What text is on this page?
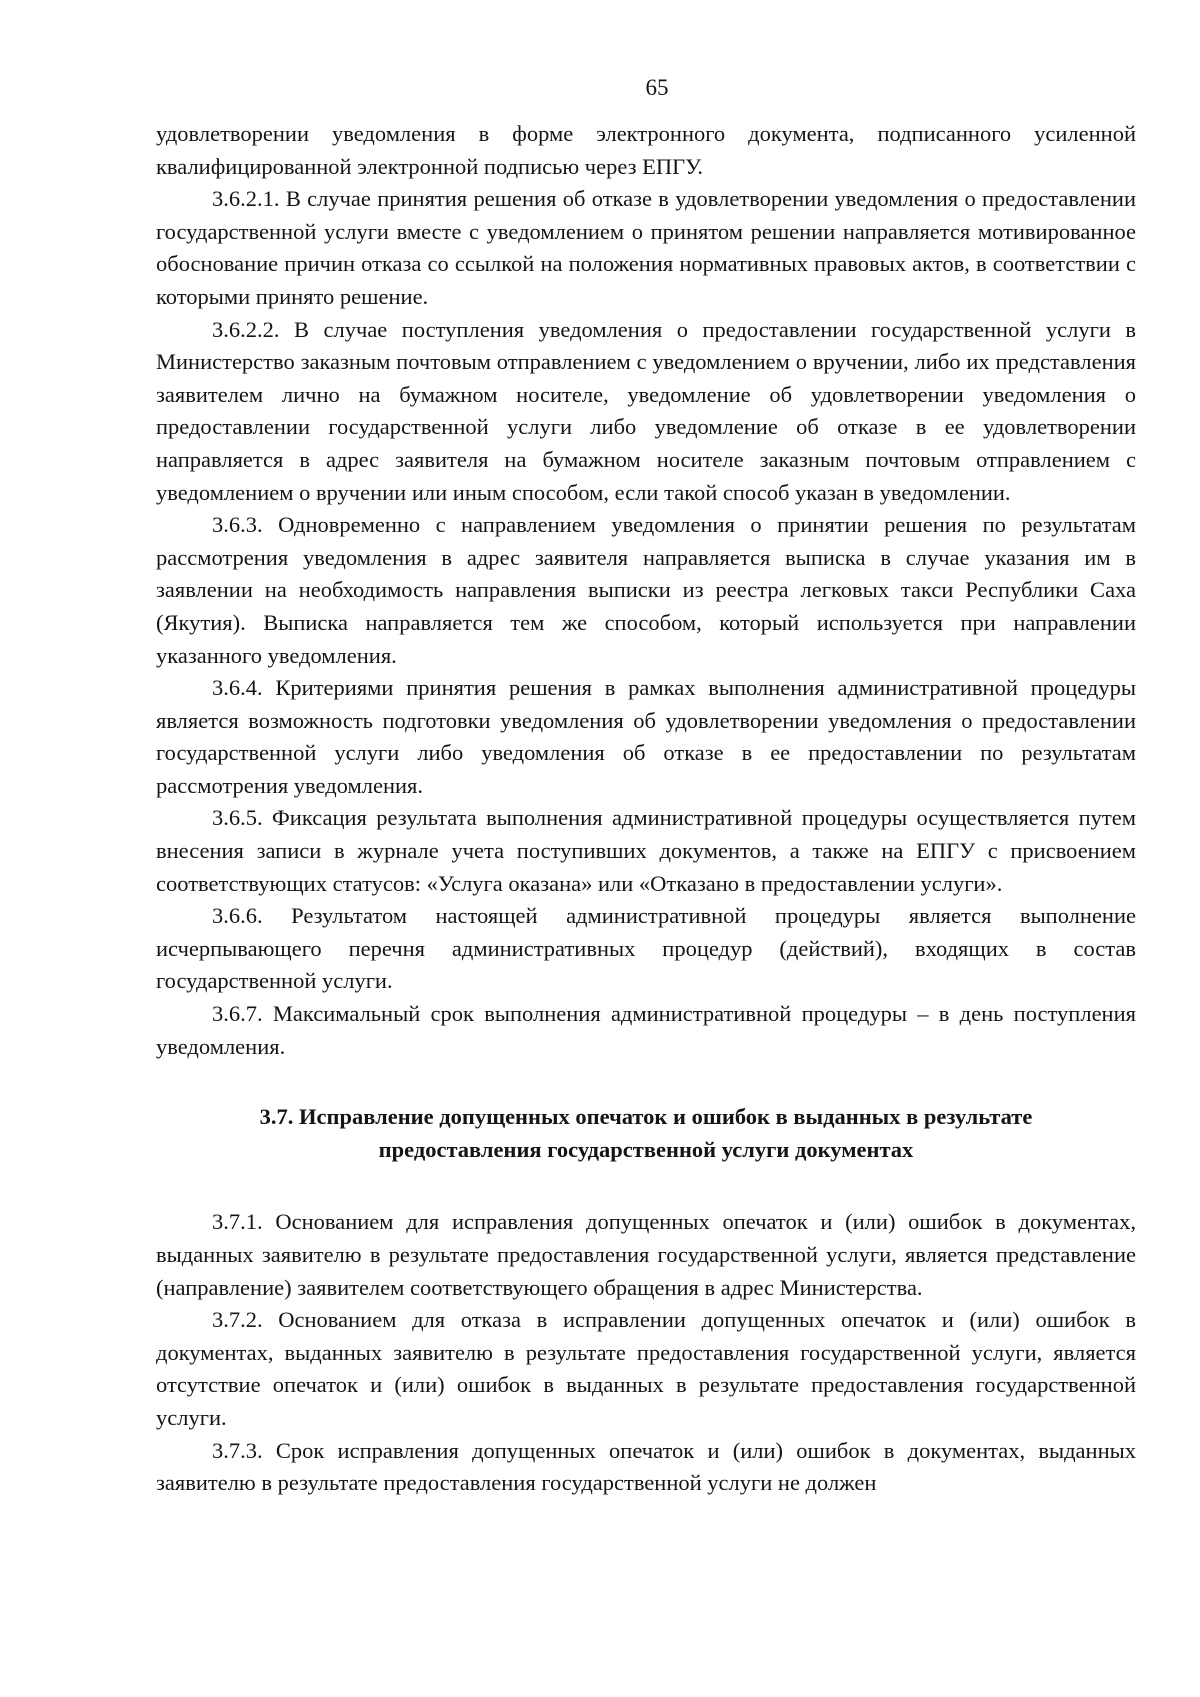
65

удовлетворении уведомления в форме электронного документа, подписанного усиленной квалифицированной электронной подписью через ЕПГУ.

3.6.2.1. В случае принятия решения об отказе в удовлетворении уведомления о предоставлении государственной услуги вместе с уведомлением о принятом решении направляется мотивированное обоснование причин отказа со ссылкой на положения нормативных правовых актов, в соответствии с которыми принято решение.

3.6.2.2. В случае поступления уведомления о предоставлении государственной услуги в Министерство заказным почтовым отправлением с уведомлением о вручении, либо их представления заявителем лично на бумажном носителе, уведомление об удовлетворении уведомления о предоставлении государственной услуги либо уведомление об отказе в ее удовлетворении направляется в адрес заявителя на бумажном носителе заказным почтовым отправлением с уведомлением о вручении или иным способом, если такой способ указан в уведомлении.

3.6.3. Одновременно с направлением уведомления о принятии решения по результатам рассмотрения уведомления в адрес заявителя направляется выписка в случае указания им в заявлении на необходимость направления выписки из реестра легковых такси Республики Саха (Якутия). Выписка направляется тем же способом, который используется при направлении указанного уведомления.

3.6.4. Критериями принятия решения в рамках выполнения административной процедуры является возможность подготовки уведомления об удовлетворении уведомления о предоставлении государственной услуги либо уведомления об отказе в ее предоставлении по результатам рассмотрения уведомления.

3.6.5. Фиксация результата выполнения административной процедуры осуществляется путем внесения записи в журнале учета поступивших документов, а также на ЕПГУ с присвоением соответствующих статусов: «Услуга оказана» или «Отказано в предоставлении услуги».

3.6.6. Результатом настоящей административной процедуры является выполнение исчерпывающего перечня административных процедур (действий), входящих в состав государственной услуги.

3.6.7. Максимальный срок выполнения административной процедуры – в день поступления уведомления.

3.7. Исправление допущенных опечаток и ошибок в выданных в результате
предоставления государственной услуги документах

3.7.1. Основанием для исправления допущенных опечаток и (или) ошибок в документах, выданных заявителю в результате предоставления государственной услуги, является представление (направление) заявителем соответствующего обращения в адрес Министерства.

3.7.2. Основанием для отказа в исправлении допущенных опечаток и (или) ошибок в документах, выданных заявителю в результате предоставления государственной услуги, является отсутствие опечаток и (или) ошибок в выданных в результате предоставления государственной услуги.

3.7.3. Срок исправления допущенных опечаток и (или) ошибок в документах, выданных заявителю в результате предоставления государственной услуги не должен
